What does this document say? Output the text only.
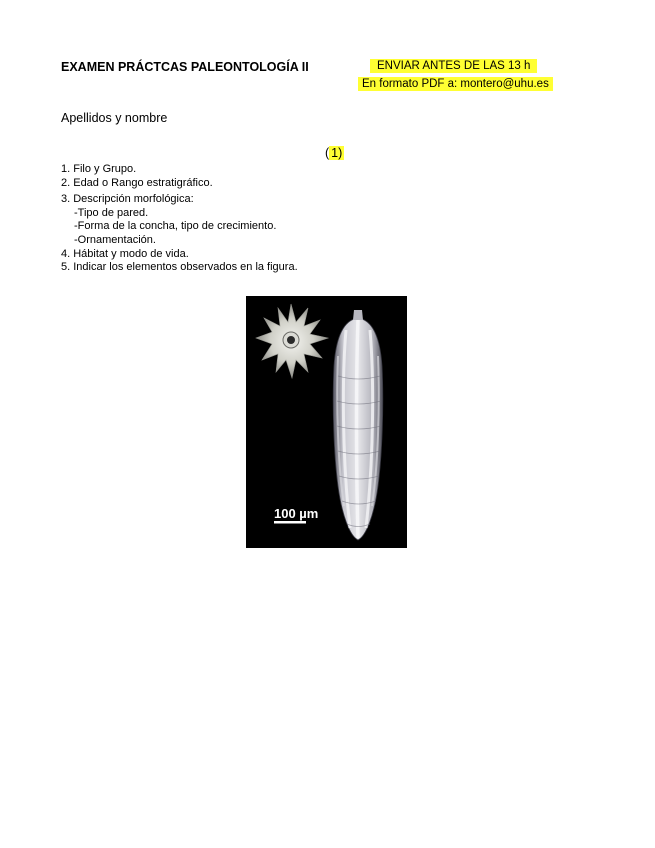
EXAMEN PRÁCTCAS PALEONTOLOGÍA II	ENVIAR ANTES DE LAS 13 h
En formato PDF a: montero@uhu.es
Apellidos y nombre
( 1)
1. Filo y Grupo.
2. Edad o Rango estratigráfico.
3. Descripción morfológica:
-Tipo de pared.
-Forma de la concha, tipo de crecimiento.
-Ornamentación.
4. Hábitat y modo de vida.
5. Indicar los elementos observados en la figura.
100 µm
